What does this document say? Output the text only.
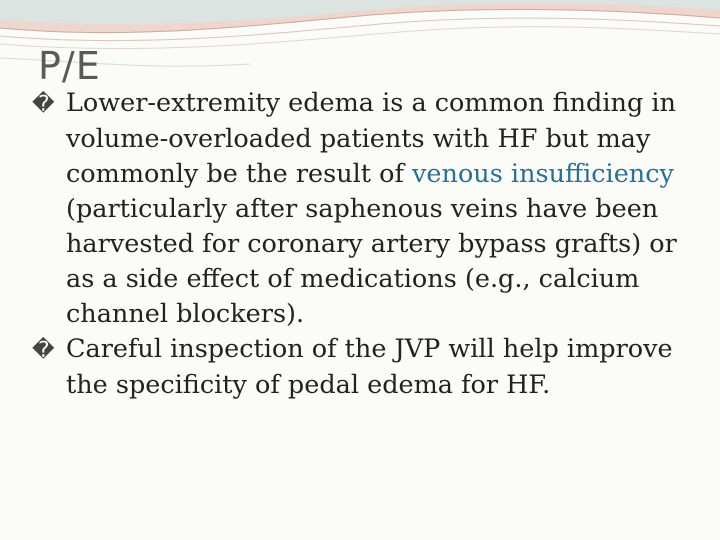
P/E

� Lower-extremity edema is a common finding in volume-overloaded patients with HF but may commonly be the result of venous insufficiency (particularly after saphenous veins have been harvested for coronary artery bypass grafts) or as a side effect of medications (e.g., calcium channel blockers).

� Careful inspection of the JVP will help improve the specificity of pedal edema for HF.
